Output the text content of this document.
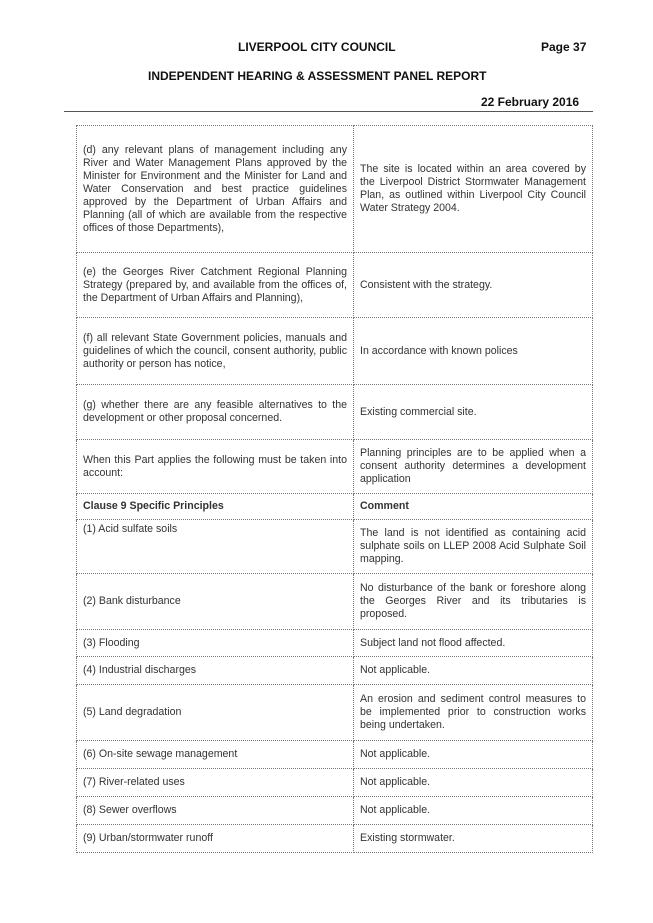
LIVERPOOL CITY COUNCIL	Page 37
INDEPENDENT HEARING & ASSESSMENT PANEL REPORT
22 February 2016
(d) any relevant plans of management including any River and Water Management Plans approved by the Minister for Environment and the Minister for Land and Water Conservation and best practice guidelines approved by the Department of Urban Affairs and Planning (all of which are available from the respective offices of those Departments),	The site is located within an area covered by the Liverpool District Stormwater Management Plan, as outlined within Liverpool City Council Water Strategy 2004.
(e) the Georges River Catchment Regional Planning Strategy (prepared by, and available from the offices of, the Department of Urban Affairs and Planning),	Consistent with the strategy.
(f) all relevant State Government policies, manuals and guidelines of which the council, consent authority, public authority or person has notice,	In accordance with known polices
(g) whether there are any feasible alternatives to the development or other proposal concerned.	Existing commercial site.
When this Part applies the following must be taken into account:	Planning principles are to be applied when a consent authority determines a development application
Clause 9 Specific Principles	Comment
(1) Acid sulfate soils	The land is not identified as containing acid sulphate soils on LLEP 2008 Acid Sulphate Soil mapping.
(2) Bank disturbance	No disturbance of the bank or foreshore along the Georges River and its tributaries is proposed.
(3) Flooding	Subject land not flood affected.
(4) Industrial discharges	Not applicable.
(5) Land degradation	An erosion and sediment control measures to be implemented prior to construction works being undertaken.
(6) On-site sewage management	Not applicable.
(7) River-related uses	Not applicable.
(8) Sewer overflows	Not applicable.
(9) Urban/stormwater runoff	Existing stormwater.
